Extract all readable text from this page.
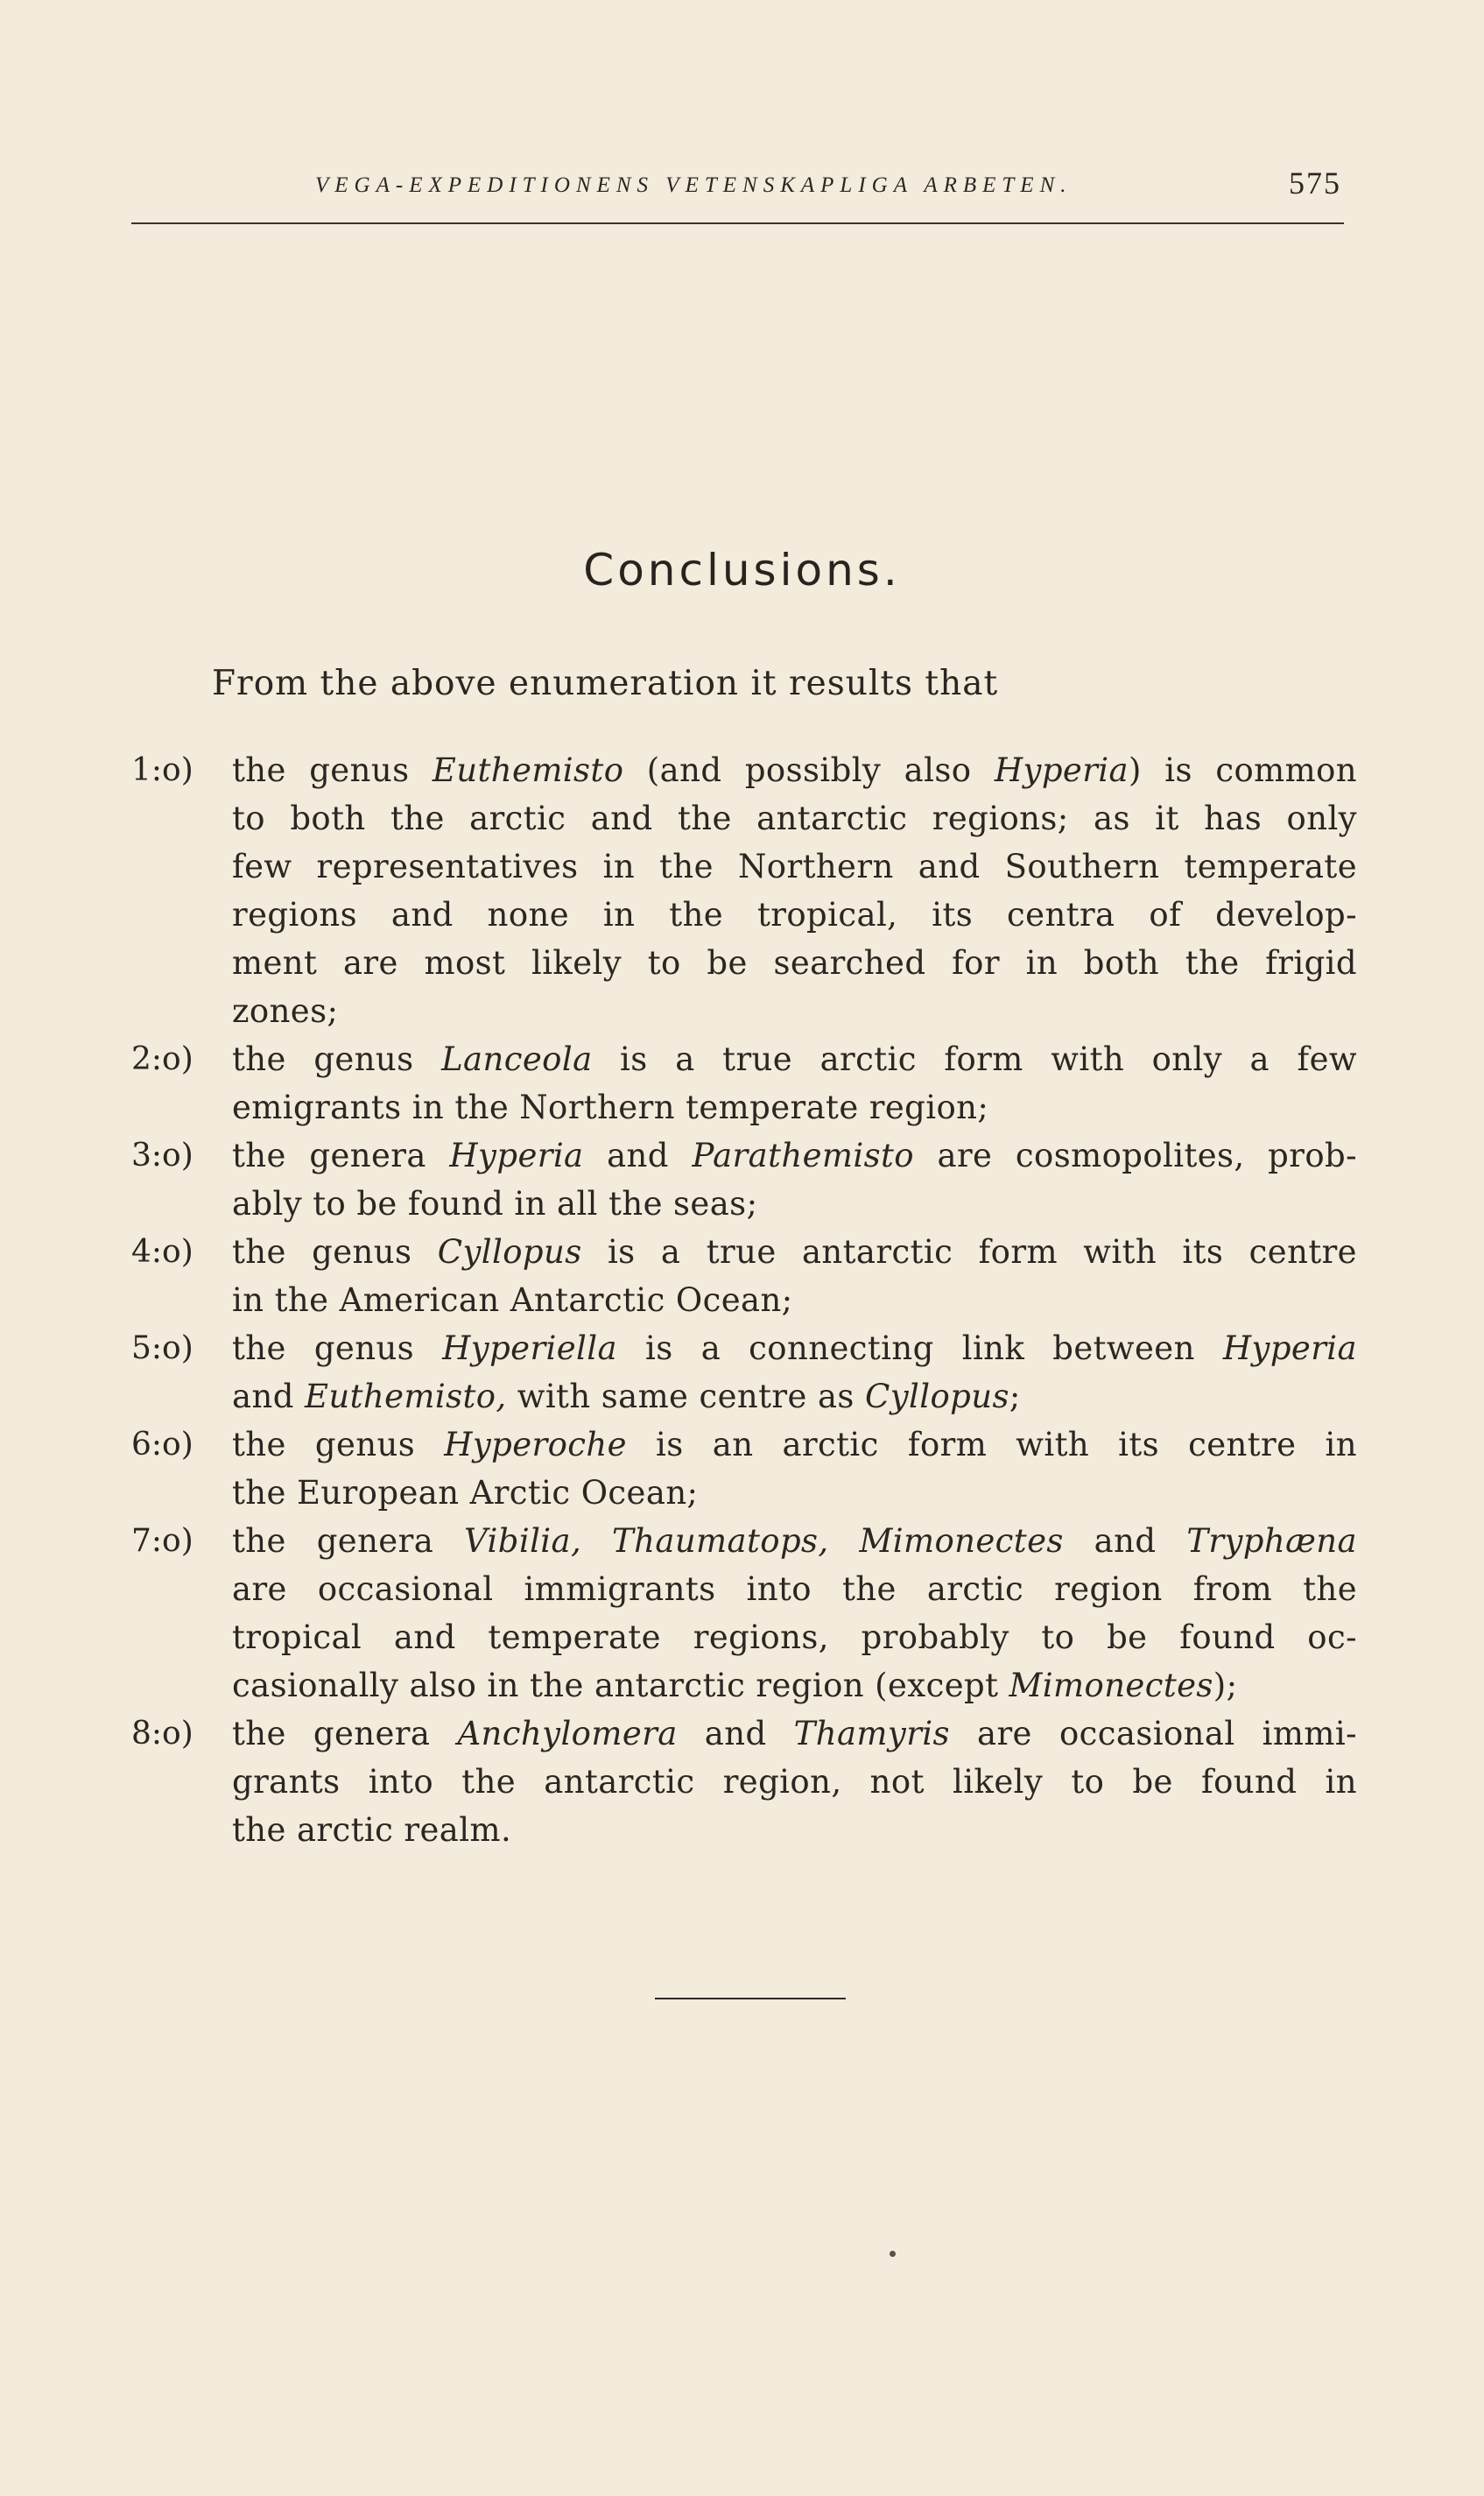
VEGA-EXPEDITIONENS VETENSKAPLIGA ARBETEN.	575
Conclusions.
From the above enumeration it results that
1:o) the genus Euthemisto (and possibly also Hyperia) is common
to both the arctic and the antarctic regions; as it has only
few representatives in the Northern and Southern temperate
regions and none in the tropical, its centra of develop-
ment are most likely to be searched for in both the frigid
zones;
2:o) the genus Lanceola is a true arctic form with only a few
emigrants in the Northern temperate region;
3:o) the genera Hyperia and Parathemisto are cosmopolites, prob-
ably to be found in all the seas;
4:o) the genus Cyllopus is a true antarctic form with its centre
in the American Antarctic Ocean;
5:o) the genus Hyperiella is a connecting link between Hyperia
and Euthemisto, with same centre as Cyllopus;
6:o) the genus Hyperoche is an arctic form with its centre in
the European Arctic Ocean;
7:o) the genera Vibilia, Thaumatops, Mimonectes and Tryphæna
are occasional immigrants into the arctic region from the
tropical and temperate regions, probably to be found oc-
casionally also in the antarctic region (except Mimonectes);
8:o) the genera Anchylomera and Thamyris are occasional immi-
grants into the antarctic region, not likely to be found in
the arctic realm.
